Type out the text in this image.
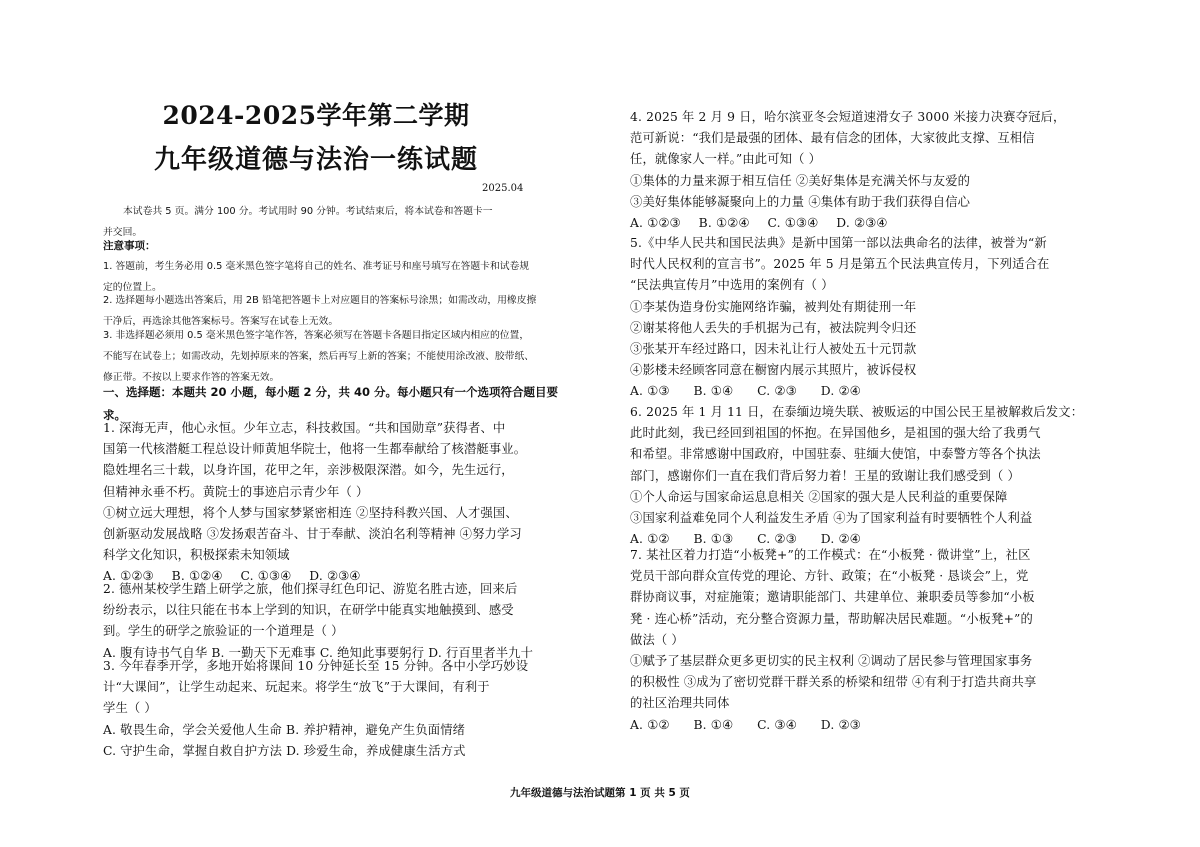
2024-2025学年第二学期
九年级道德与法治一练试题
2025.04
本试卷共 5 页。满分 100 分。考试用时 90 分钟。考试结束后，将本试卷和答题卡一
并交回。
注意事项：
1. 答题前，考生务必用 0.5 毫米黑色签字笔将自己的姓名、准考证号和座号填写在答题卡和试卷规
定的位置上。
2. 选择题每小题选出答案后，用 2B 铅笔把答题卡上对应题目的答案标号涂黑；如需改动，用橡皮擦
干净后，再选涂其他答案标号。答案写在试卷上无效。
3. 非选择题必须用 0.5 毫米黑色签字笔作答，答案必须写在答题卡各题目指定区域内相应的位置，
不能写在试卷上；如需改动，先划掉原来的答案，然后再写上新的答案；不能使用涂改液、胶带纸、
修正带。不按以上要求作答的答案无效。
一、选择题：本题共 20 小题，每小题 2 分，共 40 分。每小题只有一个选项符合题目要
求。
1. 深海无声，他心永恒。少年立志，科技救国。“共和国勋章”获得者、中
国第一代核潜艇工程总设计师黄旭华院士，他将一生都奉献给了核潜艇事业。
隐姓埋名三十载，以身许国，花甲之年，亲涉极限深潜。如今，先生远行，
但精神永垂不朽。黄院士的事迹启示青少年（ ）
①树立远大理想，将个人梦与国家梦紧密相连 ②坚持科教兴国、人才强国、
创新驱动发展战略 ③发扬艰苦奋斗、甘于奉献、淡泊名利等精神 ④努力学习
科学文化知识，积极探索未知领域
A. ①②③ B. ①②④ C. ①③④ D. ②③④
2. 德州某校学生踏上研学之旅，他们探寻红色印记、游览名胜古迹，回来后
纷纷表示，以往只能在书本上学到的知识，在研学中能真实地触摸到、感受
到。学生的研学之旅验证的一个道理是（ ）
A. 腹有诗书气自华 B. 一勤天下无难事 C. 绝知此事要躬行 D. 行百里者半九十
3. 今年春季开学，多地开始将课间 10 分钟延长至 15 分钟。各中小学巧妙设
计“大课间”，让学生动起来、玩起来。将学生“放飞”于大课间，有利于
学生（ ）
A. 敬畏生命，学会关爱他人生命 B. 养护精神，避免产生负面情绪
C. 守护生命，掌握自救自护方法 D. 珍爱生命，养成健康生活方式
4. 2025 年 2 月 9 日，哈尔滨亚冬会短道速滑女子 3000 米接力决赛夺冠后，
范可新说：“我们是最强的团体、最有信念的团体，大家彼此支撑、互相信
任，就像家人一样。”由此可知（ ）
①集体的力量来源于相互信任 ②美好集体是充满关怀与友爱的
③美好集体能够凝聚向上的力量 ④集体有助于我们获得自信心
A. ①②③ B. ①②④ C. ①③④ D. ②③④
5.《中华人民共和国民法典》是新中国第一部以法典命名的法律，被誉为“新
时代人民权利的宣言书”。2025 年 5 月是第五个民法典宣传月，下列适合在
“民法典宣传月”中选用的案例有（ ）
①李某伪造身份实施网络诈骗，被判处有期徒刑一年
②谢某将他人丢失的手机据为己有，被法院判令归还
③张某开车经过路口，因未礼让行人被处五十元罚款
④影楼未经顾客同意在橱窗内展示其照片，被诉侵权
A. ①③ B. ①④ C. ②③ D. ②④
6. 2025 年 1 月 11 日，在泰缅边境失联、被贩运的中国公民王星被解救后发文：
此时此刻，我已经回到祖国的怀抱。在异国他乡，是祖国的强大给了我勇气
和希望。非常感谢中国政府，中国驻泰、驻缅大使馆，中泰警方等各个执法
部门，感谢你们一直在我们背后努力着！王星的致谢让我们感受到（ ）
①个人命运与国家命运息息相关 ②国家的强大是人民利益的重要保障
③国家利益难免同个人利益发生矛盾 ④为了国家利益有时要牺牲个人利益
A. ①② B. ①③ C. ②③ D. ②④
7. 某社区着力打造“小板凳+”的工作模式：在“小板凳 · 微讲堂”上，社区
党员干部向群众宣传党的理论、方针、政策；在“小板凳 · 恳谈会”上，党
群协商议事，对症施策；邀请职能部门、共建单位、兼职委员等参加“小板
凳 · 连心桥”活动，充分整合资源力量，帮助解决居民难题。“小板凳+”的
做法（ ）
①赋予了基层群众更多更切实的民主权利 ②调动了居民参与管理国家事务
的积极性 ③成为了密切党群干群关系的桥梁和纽带 ④有利于打造共商共享
的社区治理共同体
A. ①② B. ①④ C. ③④ D. ②③
九年级道德与法治试题第 1 页 共 5 页
